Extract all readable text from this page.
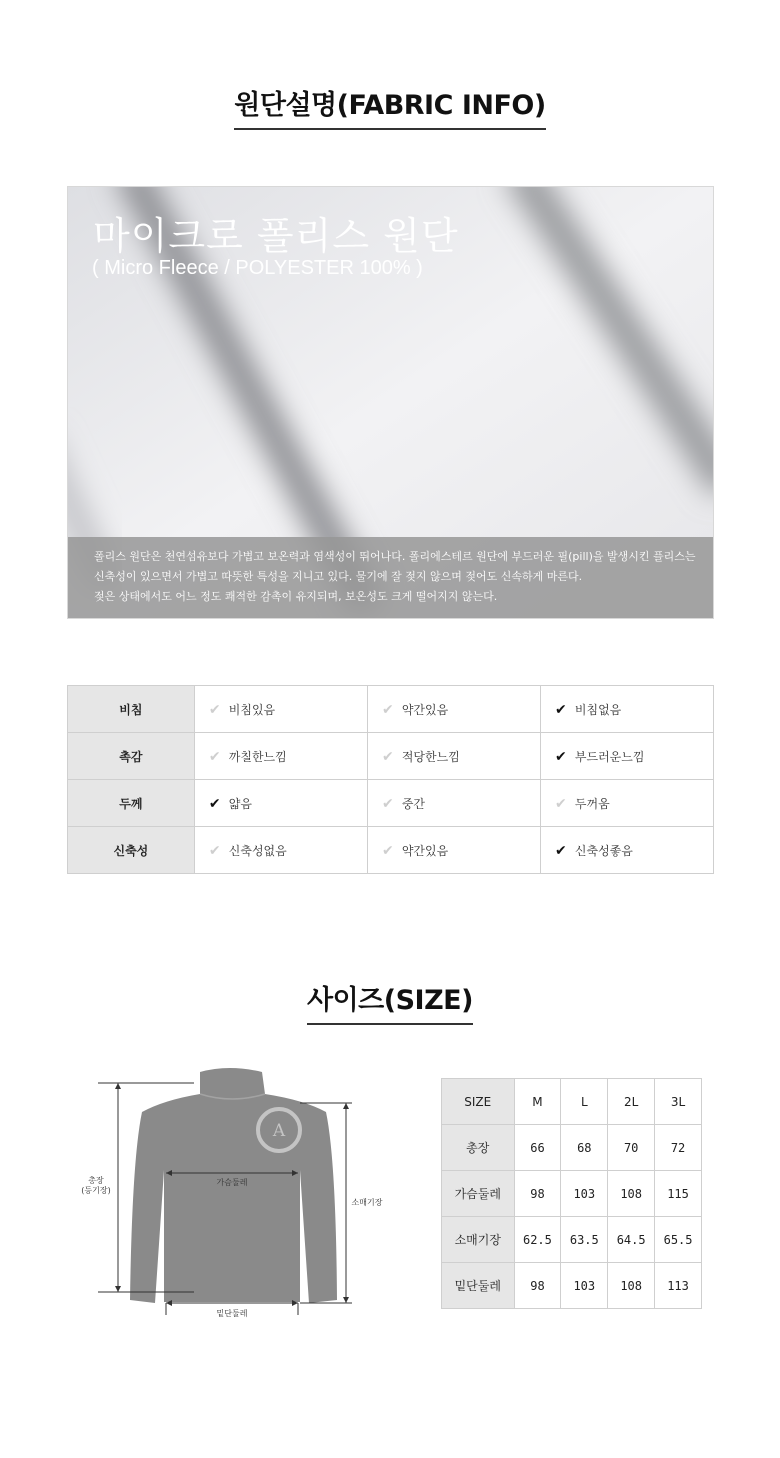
원단설명(FABRIC INFO)
마이크로 폴리스 원단
( Micro Fleece / POLYESTER 100% )
폴리스 원단은 천연섬유보다 가볍고 보온력과 염색성이 뛰어나다. 폴리에스테르 원단에 부드러운 필(pill)을 발생시킨 플리스는
신축성이 있으면서 가볍고 따뜻한 특성을 지니고 있다. 물기에 잘 젖지 않으며 젖어도 신속하게 마른다.
젖은 상태에서도 어느 정도 쾌적한 감촉이 유지되며, 보온성도 크게 떨어지지 않는다.
비침	✔ 비침있음	✔ 약간있음	✔ 비침없음
촉감	✔ 까칠한느낌	✔ 적당한느낌	✔ 부드러운느낌
두께	✔ 얇음	✔ 중간	✔ 두꺼움
신축성	✔ 신축성없음	✔ 약간있음	✔ 신축성좋음
사이즈(SIZE)
A
총장
(등기장)
가슴둘레
소매기장
밑단둘레
SIZE	M	L	2L	3L
총장	66	68	70	72
가슴둘레	98	103	108	115
소매기장	62.5	63.5	64.5	65.5
밑단둘레	98	103	108	113
